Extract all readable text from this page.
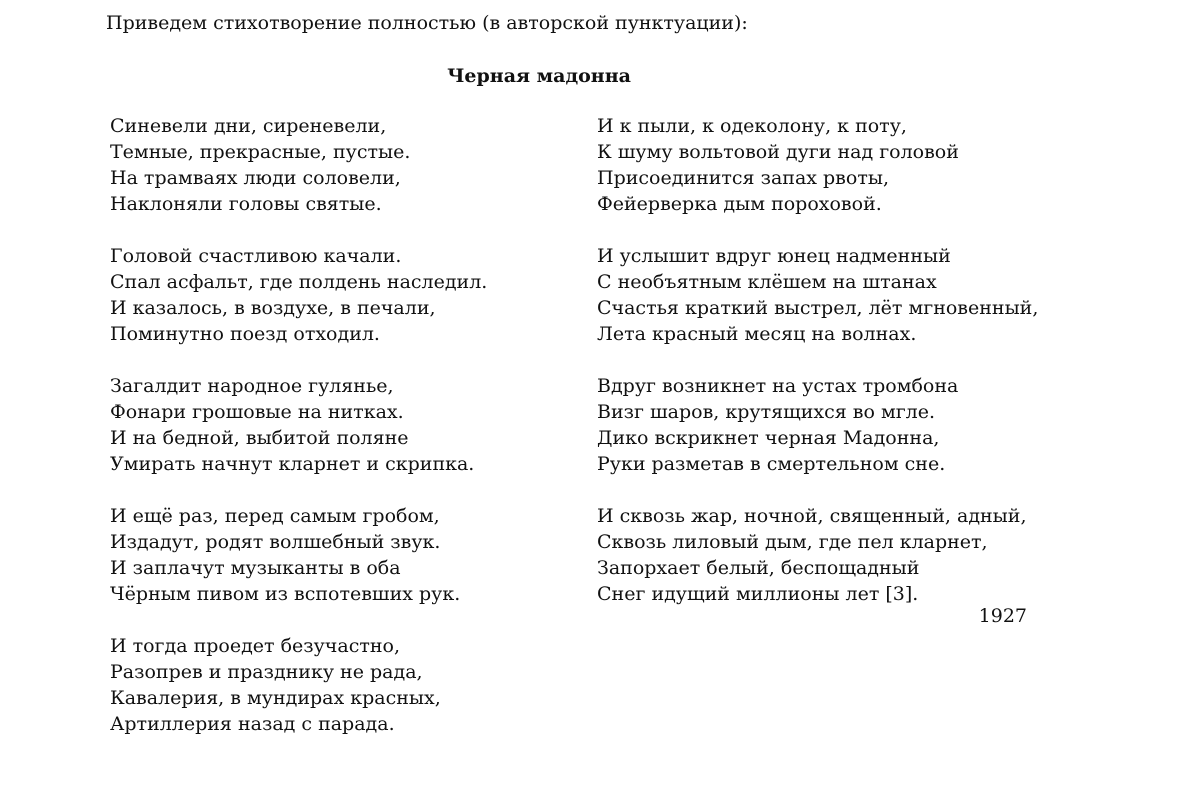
Приведем стихотворение полностью (в авторской пунктуации):
Черная мадонна
Синевели дни, сиреневели,
Темные, прекрасные, пустые.
На трамваях люди соловели,
Наклоняли головы святые.
Головой счастливою качали.
Спал асфальт, где полдень наследил.
И казалось, в воздухе, в печали,
Поминутно поезд отходил.
Загалдит народное гулянье,
Фонари грошовые на нитках.
И на бедной, выбитой поляне
Умирать начнут кларнет и скрипка.
И ещё раз, перед самым гробом,
Издадут, родят волшебный звук.
И заплачут музыканты в оба
Чёрным пивом из вспотевших рук.
И тогда проедет безучастно,
Разопрев и празднику не рада,
Кавалерия, в мундирах красных,
Артиллерия назад с парада.
И к пыли, к одеколону, к поту,
К шуму вольтовой дуги над головой
Присоединится запах рвоты,
Фейерверка дым пороховой.
И услышит вдруг юнец надменный
С необъятным клёшем на штанах
Счастья краткий выстрел, лёт мгновенный,
Лета красный месяц на волнах.
Вдруг возникнет на устах тромбона
Визг шаров, крутящихся во мгле.
Дико вскрикнет черная Мадонна,
Руки разметав в смертельном сне.
И сквозь жар, ночной, священный, адный,
Сквозь лиловый дым, где пел кларнет,
Запорхает белый, беспощадный
Снег идущий миллионы лет [3].
1927
